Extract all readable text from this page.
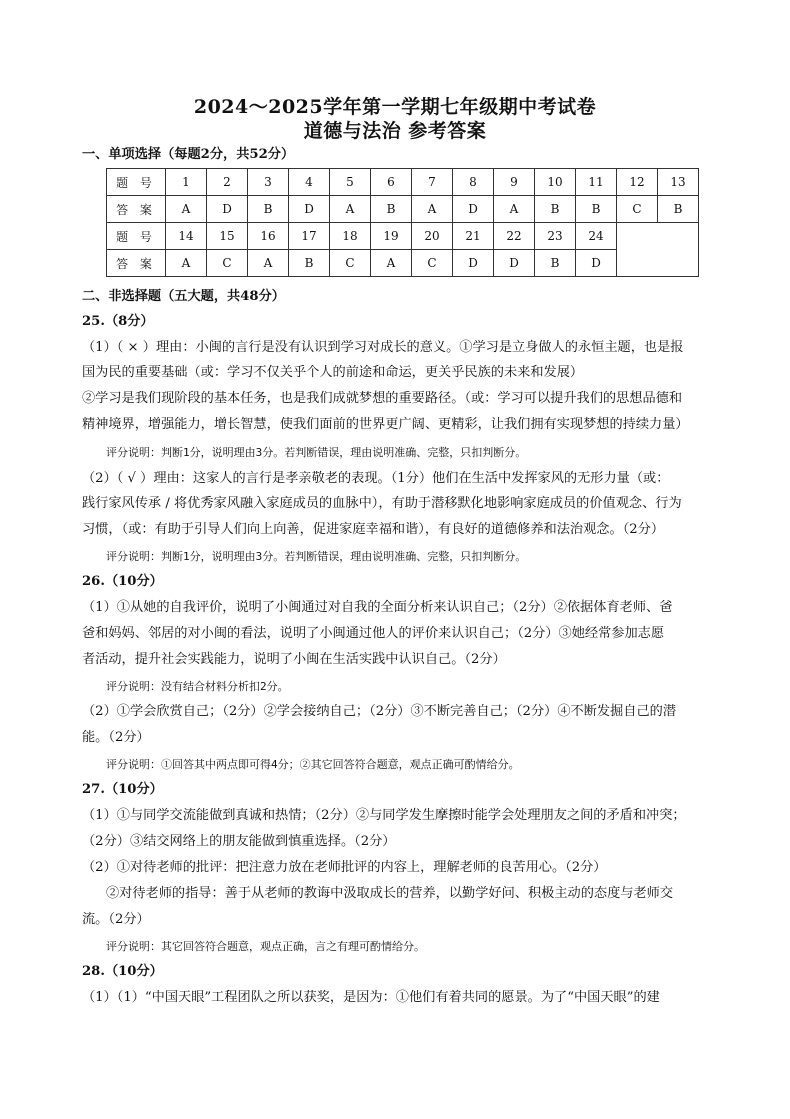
2024～2025学年第一学期七年级期中考试卷
道德与法治 参考答案
一、单项选择（每题2分，共52分）
题 号	1	2	3	4	5	6	7	8	9	10	11	12	13
答 案	A	D	B	D	A	B	A	D	A	B	B	C	B
题 号	14	15	16	17	18	19	20	21	22	23	24		
答 案	A	C	A	B	C	A	C	D	D	B	D		
二、非选择题（五大题，共48分）
25.（8分）
（1）（ × ）理由：小闽的言行是没有认识到学习对成长的意义。①学习是立身做人的永恒主题，也是报
国为民的重要基础（或：学习不仅关乎个人的前途和命运，更关乎民族的未来和发展）
②学习是我们现阶段的基本任务，也是我们成就梦想的重要路径。（或：学习可以提升我们的思想品德和
精神境界，增强能力，增长智慧，使我们面前的世界更广阔、更精彩，让我们拥有实现梦想的持续力量）
评分说明：判断1分，说明理由3分。若判断错误，理由说明准确、完整，只扣判断分。
（2）（ √ ）理由：这家人的言行是孝亲敬老的表现。（1分）他们在生活中发挥家风的无形力量（或：
践行家风传承 / 将优秀家风融入家庭成员的血脉中），有助于潜移默化地影响家庭成员的价值观念、行为
习惯，（或：有助于引导人们向上向善，促进家庭幸福和谐），有良好的道德修养和法治观念。（2分）
评分说明：判断1分，说明理由3分。若判断错误，理由说明准确、完整，只扣判断分。
26.（10分）
（1）①从她的自我评价，说明了小闽通过对自我的全面分析来认识自己；（2分）②依据体育老师、爸
爸和妈妈、邻居的对小闽的看法，说明了小闽通过他人的评价来认识自己；（2分）③她经常参加志愿
者活动，提升社会实践能力，说明了小闽在生活实践中认识自己。（2分）
评分说明：没有结合材料分析扣2分。
（2）①学会欣赏自己；（2分）②学会接纳自己；（2分）③不断完善自己；（2分）④不断发掘自己的潜
能。（2分）
评分说明：①回答其中两点即可得4分；②其它回答符合题意，观点正确可酌情给分。
27.（10分）
（1）①与同学交流能做到真诚和热情；（2分）②与同学发生摩擦时能学会处理朋友之间的矛盾和冲突；
（2分）③结交网络上的朋友能做到慎重选择。（2分）
（2）①对待老师的批评：把注意力放在老师批评的内容上，理解老师的良苦用心。（2分）
②对待老师的指导：善于从老师的教诲中汲取成长的营养，以勤学好问、积极主动的态度与老师交
流。（2分）
评分说明：其它回答符合题意，观点正确，言之有理可酌情给分。
28.（10分）
（1）（1）“中国天眼”工程团队之所以获奖，是因为：①他们有着共同的愿景。为了“中国天眼”的建
